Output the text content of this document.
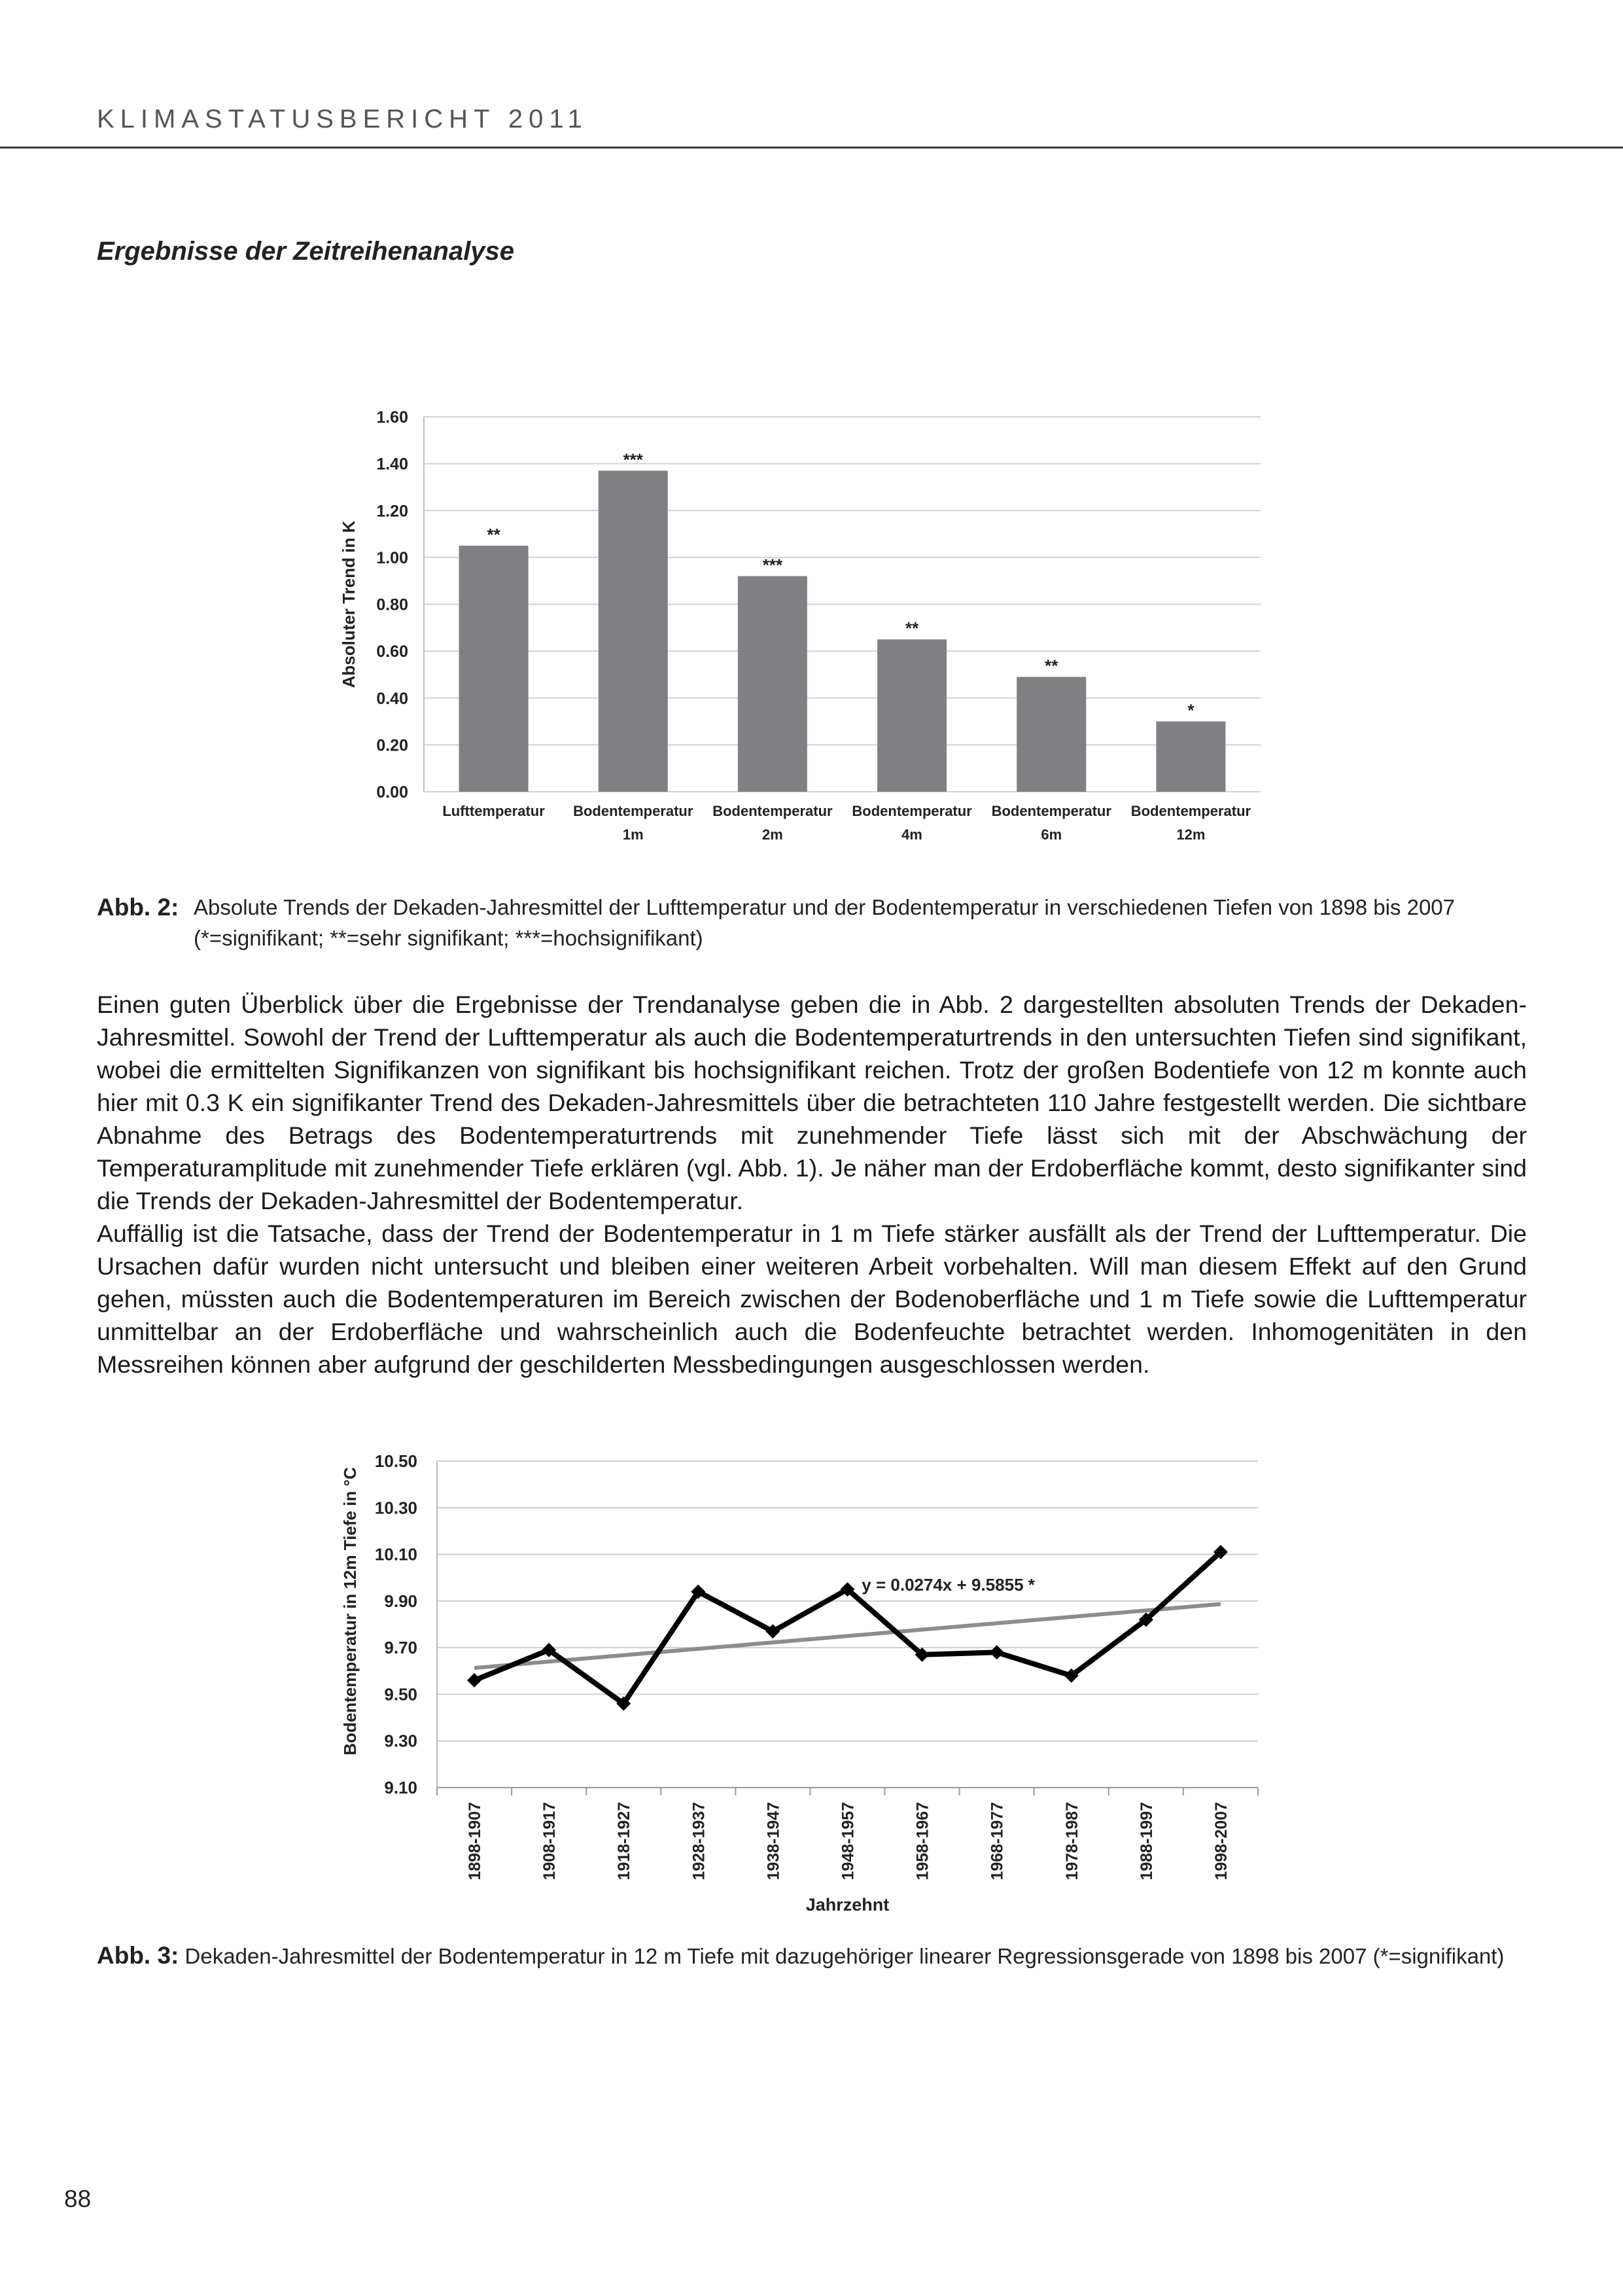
KLIMASTATUSBERICHT 2011
Ergebnisse der Zeitreihenanalyse
0.00
0.20
0.40
0.60
0.80
1.00
1.20
1.40
1.60
**
Lufttemperatur
***
Bodentemperatur
1m
***
Bodentemperatur
2m
**
Bodentemperatur
4m
**
Bodentemperatur
6m
*
Bodentemperatur
12m
Absoluter Trend in K
Abb. 2: Absolute Trends der Dekaden-Jahresmittel der Lufttemperatur und der Bodentemperatur in verschiedenen Tiefen von 1898 bis 2007
(*=signifikant; **=sehr signifikant; ***=hochsignifikant)

Einen guten Überblick über die Ergebnisse der Trendanalyse geben die in Abb. 2 dargestellten absoluten Trends der Dekaden-Jahresmittel. Sowohl der Trend der Lufttemperatur als auch die Bodentemperaturtrends in den untersuchten Tiefen sind signifikant, wobei die ermittelten Signifikanzen von signifikant bis hochsignifikant reichen. Trotz der großen Bodentiefe von 12 m konnte auch hier mit 0.3 K ein signifikanter Trend des Dekaden-Jahresmittels über die betrachteten 110 Jahre festgestellt werden. Die sichtbare Abnahme des Betrags des Bodentemperaturtrends mit zunehmender Tiefe lässt sich mit der Abschwächung der Temperaturamplitude mit zunehmender Tiefe erklären (vgl. Abb. 1). Je näher man der Erdoberfläche kommt, desto signifikanter sind die Trends der Dekaden-Jahresmittel der Bodentemperatur.

Auffällig ist die Tatsache, dass der Trend der Bodentemperatur in 1 m Tiefe stärker ausfällt als der Trend der Lufttemperatur. Die Ursachen dafür wurden nicht untersucht und bleiben einer weiteren Arbeit vorbehalten. Will man diesem Effekt auf den Grund gehen, müssten auch die Bodentemperaturen im Bereich zwischen der Bodenoberfläche und 1 m Tiefe sowie die Lufttemperatur unmittelbar an der Erdoberfläche und wahrscheinlich auch die Bodenfeuchte betrachtet werden. Inhomogenitäten in den Messreihen können aber aufgrund der geschilderten Messbedingungen ausgeschlossen werden.

9.10
9.30
9.50
9.70
9.90
10.10
10.30
10.50
y = 0.0274x + 9.5855 *
1898-1907	1908-1917	1918-1927	1928-1937	1938-1947	1948-1957	1958-1967	1968-1977	1978-1987	1988-1997	1998-2007
Jahrzehnt
Bodentemperatur in 12m Tiefe in °C
Abb. 3: Dekaden-Jahresmittel der Bodentemperatur in 12 m Tiefe mit dazugehöriger linearer Regressionsgerade von 1898 bis 2007 (*=signifikant)
88
